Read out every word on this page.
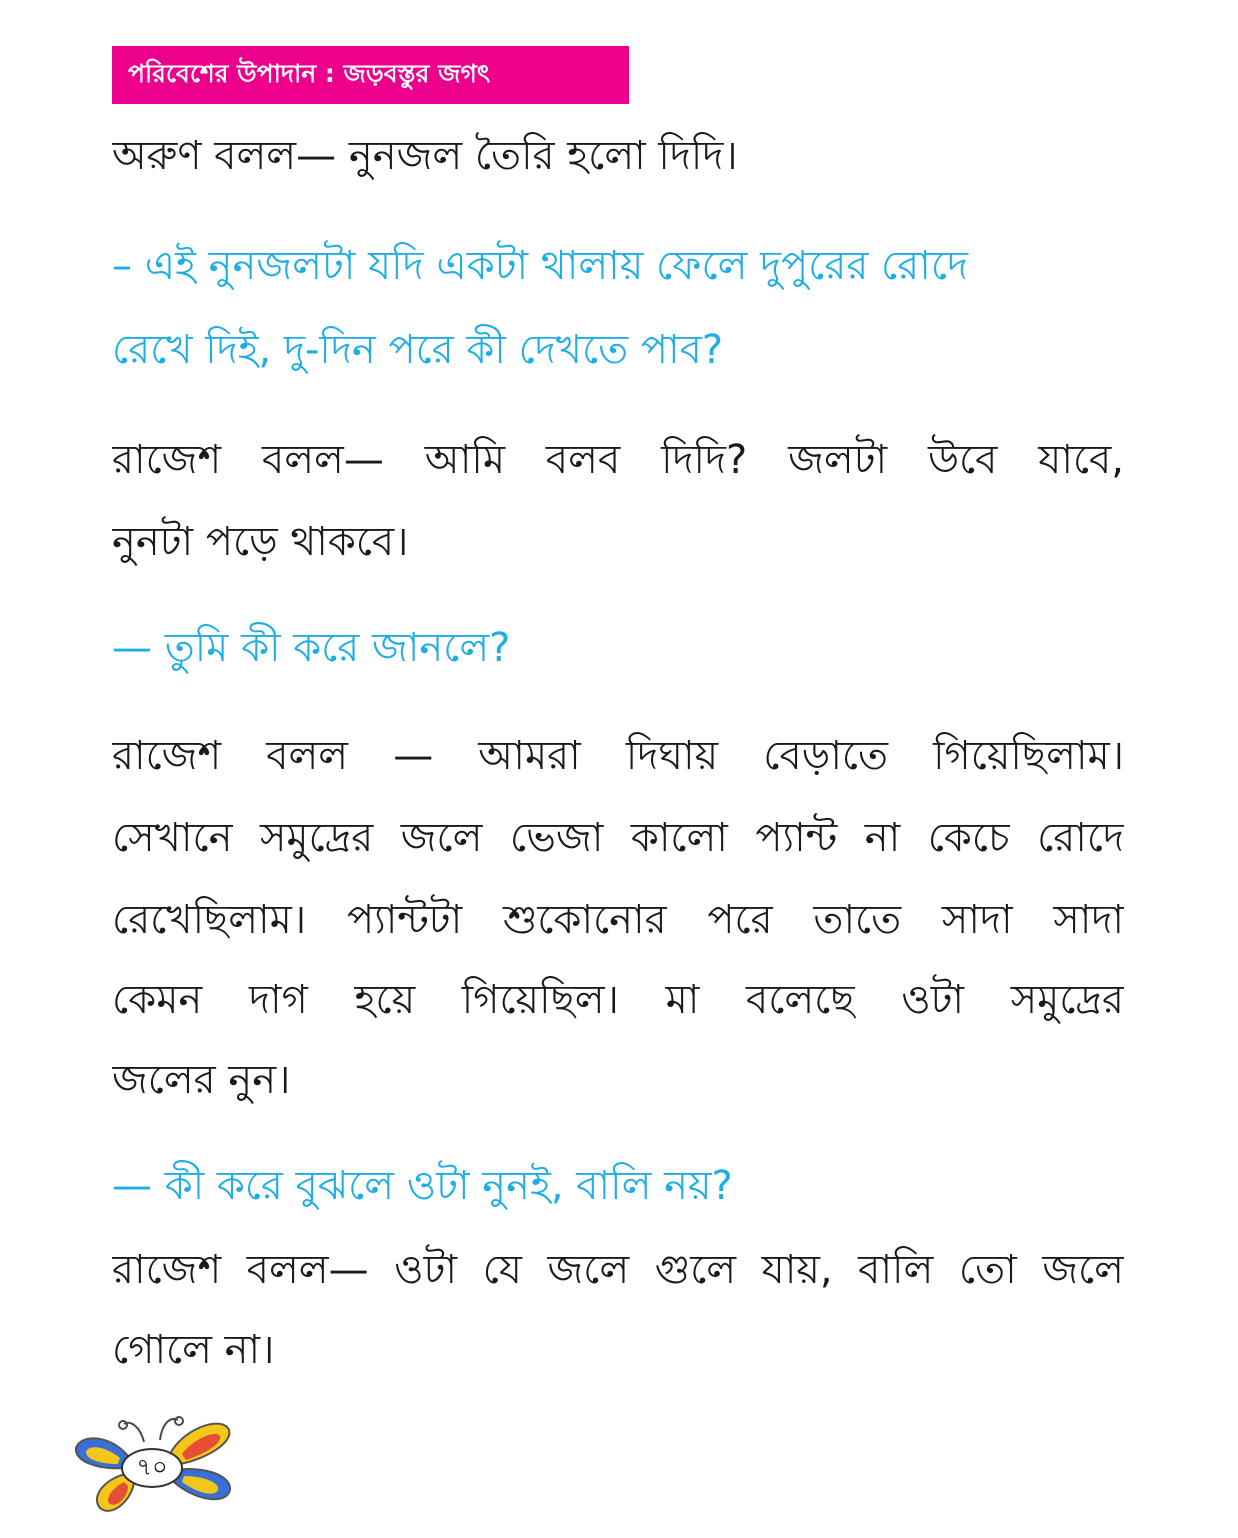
পরিবেশের উপাদান : জড়বস্তুর জগৎ
অরুণ বলল— নুনজল তৈরি হলো দিদি।
– এই নুনজলটা যদি একটা থালায় ফেলে দুপুরের রোদে
রেখে দিই, দু-দিন পরে কী দেখতে পাব?
রাজেশ বলল— আমি বলব দিদি? জলটা উবে যাবে,
নুনটা পড়ে থাকবে।
— তুমি কী করে জানলে?
রাজেশ বলল — আমরা দিঘায় বেড়াতে গিয়েছিলাম।
সেখানে সমুদ্রের জলে ভেজা কালো প্যান্ট না কেচে রোদে
রেখেছিলাম। প্যান্টটা শুকোনোর পরে তাতে সাদা সাদা
কেমন দাগ হয়ে গিয়েছিল। মা বলেছে ওটা সমুদ্রের
জলের নুন।
— কী করে বুঝলে ওটা নুনই, বালি নয়?
রাজেশ বলল— ওটা যে জলে গুলে যায়, বালি তো জলে
গোলে না।
৭০
